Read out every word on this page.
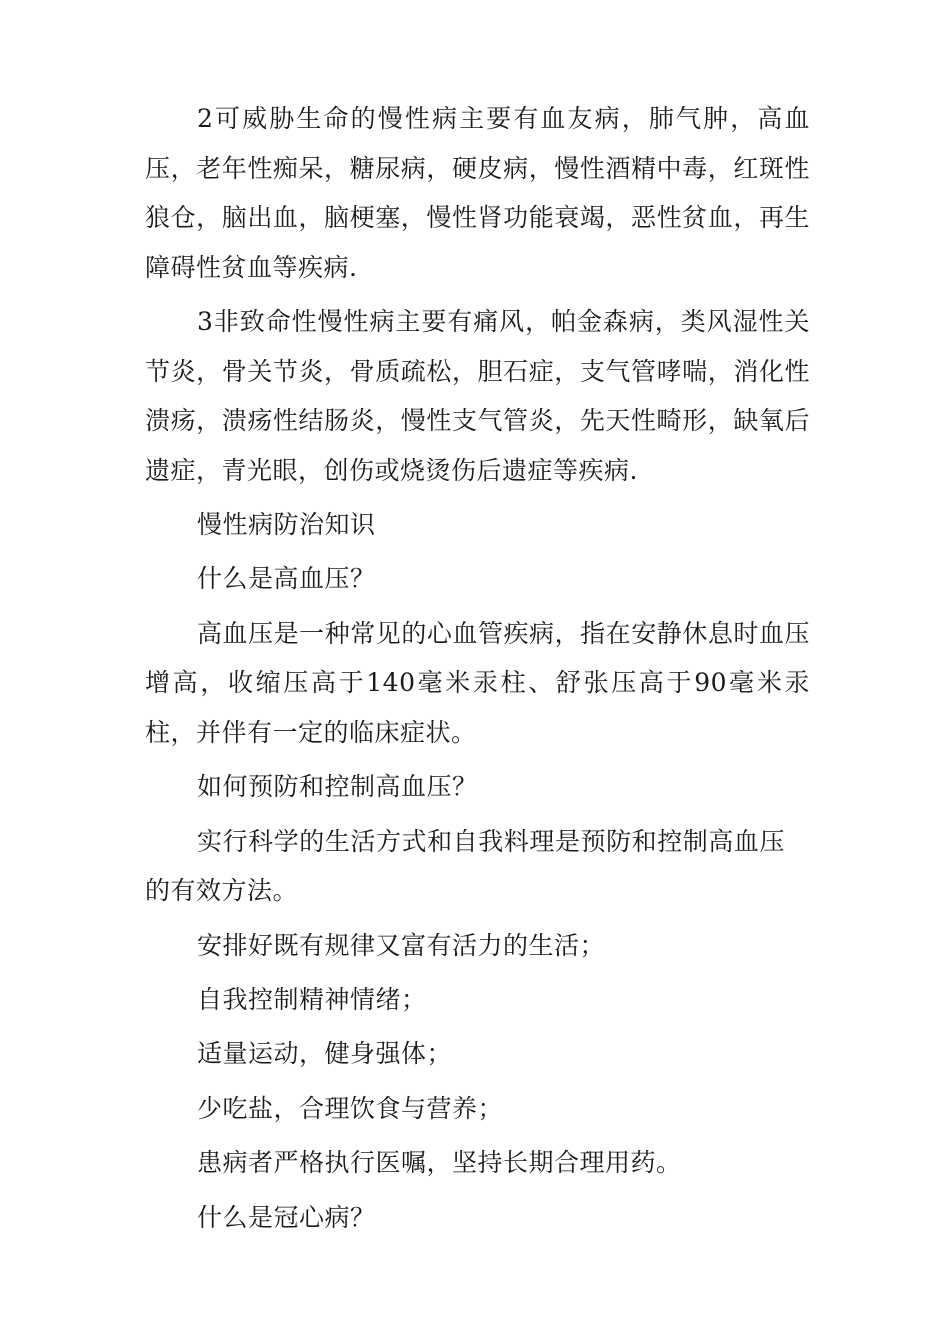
2可威胁生命的慢性病主要有血友病，肺气肿，高血压，老年性痴呆，糖尿病，硬皮病，慢性酒精中毒，红斑性狼仓，脑出血，脑梗塞，慢性肾功能衰竭，恶性贫血，再生障碍性贫血等疾病.

3非致命性慢性病主要有痛风，帕金森病，类风湿性关节炎，骨关节炎，骨质疏松，胆石症，支气管哮喘，消化性溃疡，溃疡性结肠炎，慢性支气管炎，先天性畸形，缺氧后遗症，青光眼，创伤或烧烫伤后遗症等疾病.

慢性病防治知识

什么是高血压？

高血压是一种常见的心血管疾病，指在安静休息时血压增高，收缩压高于140毫米汞柱、舒张压高于90毫米汞柱，并伴有一定的临床症状。

如何预防和控制高血压？

实行科学的生活方式和自我料理是预防和控制高血压的有效方法。

安排好既有规律又富有活力的生活；

自我控制精神情绪；

适量运动，健身强体；

少吃盐，合理饮食与营养；

患病者严格执行医嘱，坚持长期合理用药。

什么是冠心病？
